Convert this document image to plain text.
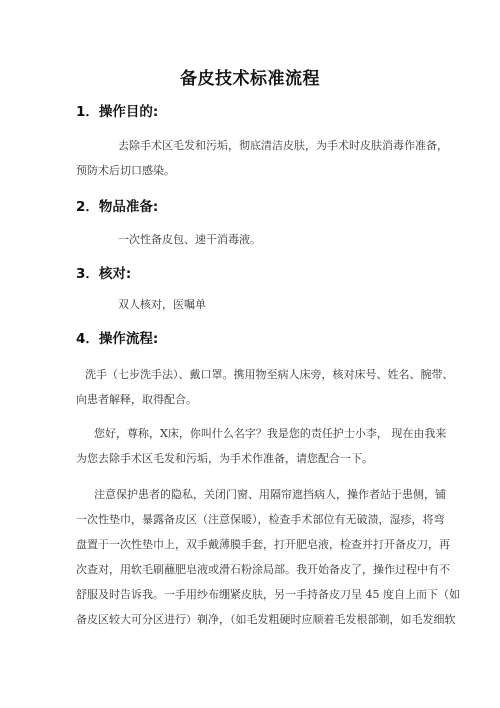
备皮技术标准流程
1．操作目的:
去除手术区毛发和污垢，彻底清洁皮肤，为手术时皮肤消毒作准备，
预防术后切口感染。
2．物品准备:
一次性备皮包、速干消毒液。
3．核对:
双人核对，医嘱单
4．操作流程:
洗手（七步洗手法）、戴口罩。携用物至病人床旁，核对床号、姓名、腕带、
向患者解释，取得配合。
您好，尊称，X床，你叫什么名字？我是您的责任护士小李， 现在由我来
为您去除手术区毛发和污垢，为手术作准备，请您配合一下。
注意保护患者的隐私，关闭门窗、用隔帘遮挡病人，操作者站于患侧，铺
一次性垫巾，暴露备皮区（注意保暖），检查手术部位有无破溃，湿疹，将弯
盘置于一次性垫巾上，双手戴薄膜手套，打开肥皂液，检查并打开备皮刀，再
次查对，用软毛刷蘸肥皂液或滑石粉涂局部。我开始备皮了，操作过程中有不
舒服及时告诉我。一手用纱布绷紧皮肤，另一手持备皮刀呈 45 度自上而下（如
备皮区较大可分区进行）剃净，（如毛发粗硬时应顺着毛发根部剃，如毛发细软
